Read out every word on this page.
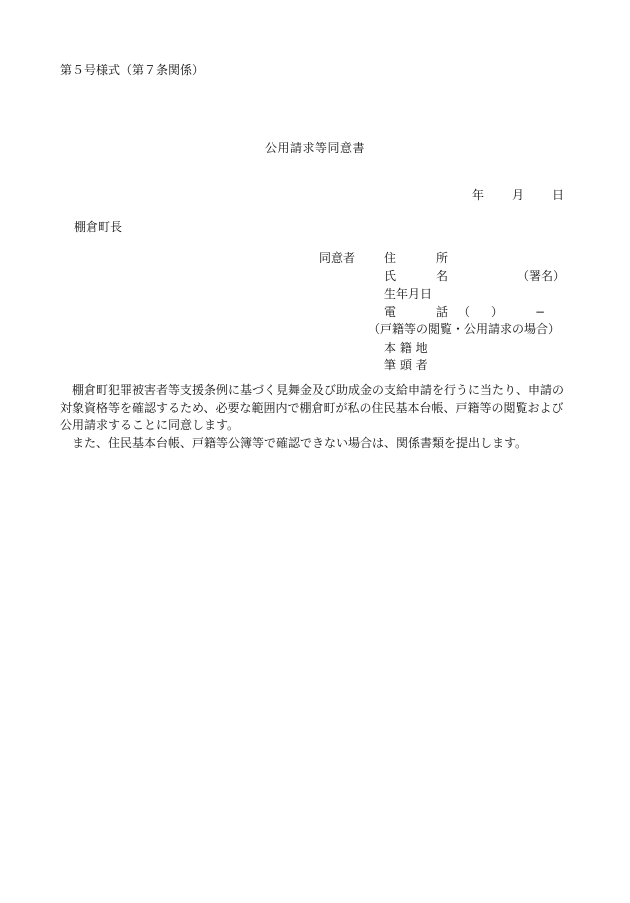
第５号様式（第７条関係）
公用請求等同意書
年 月 日
棚倉町長
同意者 住	所
氏	名	（署名）
生年月日
電	話 （ ）	−
（戸籍等の閲覧・公用請求の場合）
本 籍 地
筆 頭 者

　棚倉町犯罪被害者等支援条例に基づく見舞金及び助成金の支給申請を行うに当たり、申請の対象資格等を確認するため、必要な範囲内で棚倉町が私の住民基本台帳、戸籍等の閲覧および公用請求することに同意します。

　また、住民基本台帳、戸籍等公簿等で確認できない場合は、関係書類を提出します。
